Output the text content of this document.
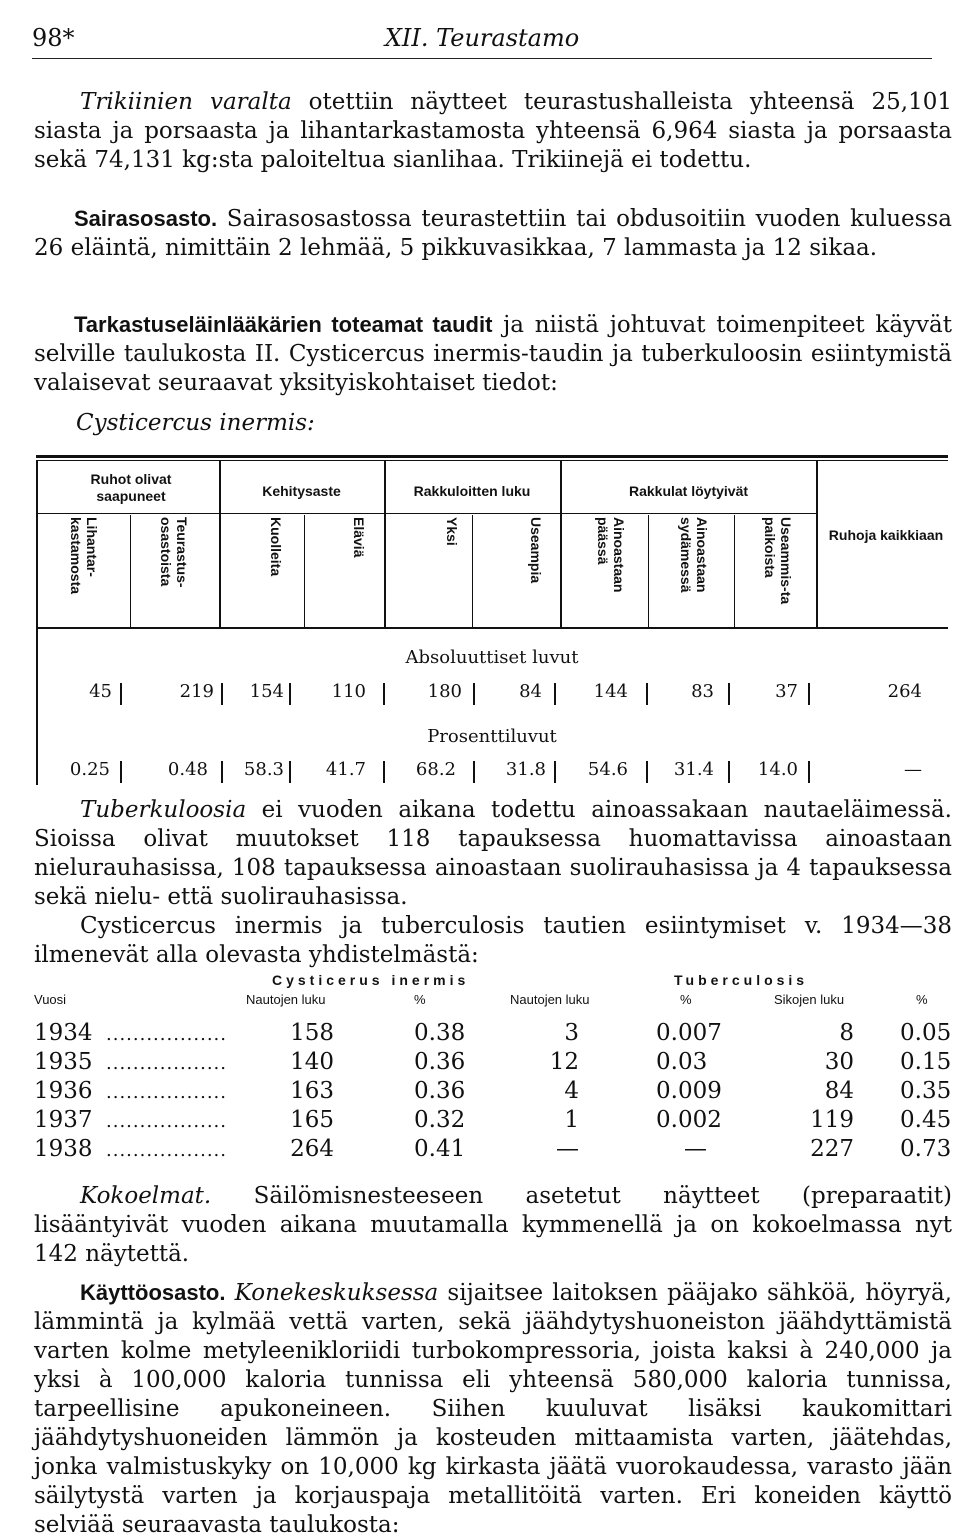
98*	XII. Teurastamo

Trikiinien varalta otettiin näytteet teurastushalleista yhteensä 25,101 siasta ja porsaasta ja lihantarkastamosta yhteensä 6,964 siasta ja porsaasta sekä 74,131 kg:sta paloiteltua sianlihaa. Trikiinejä ei todettu.

Sairasosasto. Sairasosastossa teurastettiin tai obdusoitiin vuoden kuluessa 26 eläintä, nimittäin 2 lehmää, 5 pikkuvasikkaa, 7 lammasta ja 12 sikaa.

Tarkastuseläinlääkärien toteamat taudit ja niistä johtuvat toimenpiteet käyvät selville taulukosta II. Cysticercus inermis-taudin ja tuberkuloosin esiintymistä valaisevat seuraavat yksityiskohtaiset tiedot:

Cysticercus inermis:
Ruhot olivat saapuneet	Kehitysaste	Rakkuloitten luku	Rakkulat löytyivät
Lihantar-kastamosta	Teurastus-osastoista	Kuolleita	Eläviä	Yksi	Useampia	Ainoastaan päässä	Ainoastaan sydämessä	Useammis-ta paikoista	Ruhoja kaikkiaan
Absoluuttiset luvut
Prosenttiluvut
45	219	154	110	180	84	144	83	37	264
0.25	0.48	58.3	41.7	68.2	31.8	54.6	31.4	14.0	—

Tuberkuloosia ei vuoden aikana todettu ainoassakaan nautaeläimessä. Sioissa olivat muutokset 118 tapauksessa huomattavissa ainoastaan nielurauhasissa, 108 tapauksessa ainoastaan suolirauhasissa ja 4 tapauksessa sekä nielu- että suolirauhasissa.

Cysticercus inermis ja tuberculosis tautien esiintymiset v. 1934—38 ilmenevät alla olevasta yhdistelmästä:

Cysticerus inermis	Tuberculosis
Vuosi	Nautojen luku	%	Nautojen luku	%	Sikojen luku	%
1934 ..................	158	0.38	3	0.007	8 0.05
1935 ..................	140	0.36	12	0.03	30 0.15
1936 ..................	163	0.36	4	0.009	84 0.35
1937 ..................	165	0.32	1	0.002	119 0.45
1938 ..................	264	0.41	—	—	227 0.73

Kokoelmat. Säilömisnesteeseen asetetut näytteet (preparaatit) lisääntyivät vuoden aikana muutamalla kymmenellä ja on kokoelmassa nyt 142 näytettä.

Käyttöosasto. Konekeskuksessa sijaitsee laitoksen pääjako sähköä, höyryä, lämmintä ja kylmää vettä varten, sekä jäähdytyshuoneiston jäähdyttämistä varten kolme metyleenikloriidi turbokompressoria, joista kaksi à 240,000 ja yksi à 100,000 kaloria tunnissa eli yhteensä 580,000 kaloria tunnissa, tarpeellisine apukoneineen. Siihen kuuluvat lisäksi kaukomittari jäähdytyshuoneiden lämmön ja kosteuden mittaamista varten, jäätehdas, jonka valmistuskyky on 10,000 kg kirkasta jäätä vuorokaudessa, varasto jään säilytystä varten ja korjauspaja metallitöitä varten. Eri koneiden käyttö selviää seuraavasta taulukosta:
